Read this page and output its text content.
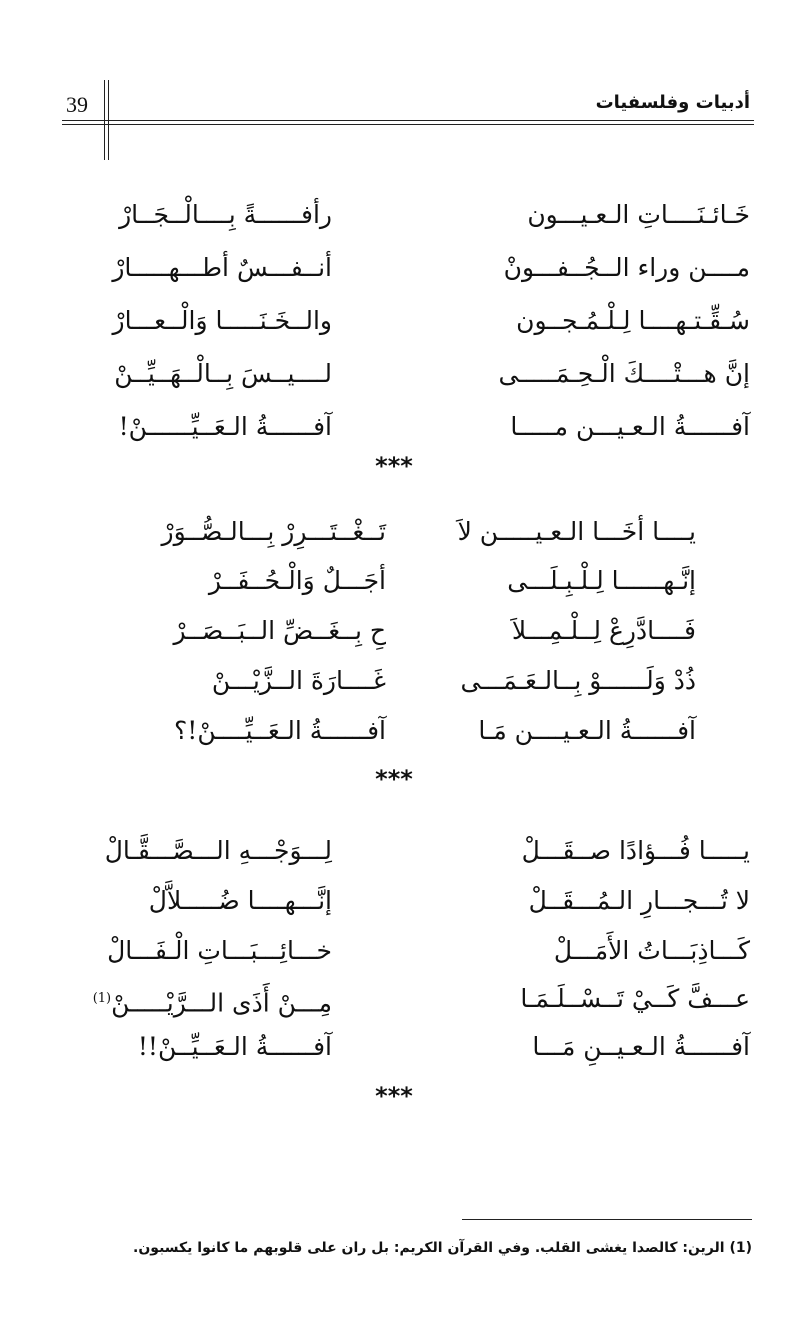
أدبيات وفلسفيات
39
خَـائـنَــــاتِ الـعـيـــون
رأفــــــةً بِــــالْــجَــارْ
مــــن وراء الــجُــفـــونْ
أنــفـــسٌ أطـــهـــــارْ
سُـقِّـتـهــــا لِـلْـمُـجــون
والــخَـنَـــــا وَالْــعـــارْ
إنَّ هـــتْــــكَ الْـحِـمَـــــى
لــــيــسَ بِــالْــهَــيِّــنْ
آفــــــةُ الـعـيـــن مـــــا
آفــــــةُ الـعَــيِّــــــنْ!
***
يــــا أخَـــا الـعـيـــــن لاَ
تَــغْــتَـــرِرْ بِـــالـصُّــوَرْ
إنَّـهــــــا لِـلْـبِـلَـــى
أجَـــلٌ وَالْـحُــفَــرْ
فَــــادَّرِعْ لِــلْـمِـــلاَ
حِ بِــغَــضِّ الــبَــصَــرْ
ذُدْ وَلَــــــوْ بِــالـعَـمَـــى
غَــــارَةَ الــزَّيْـــنْ
آفــــــةُ الـعـيــــن مَـا
آفــــــةُ الـعَــيِّــــنْ!؟
***
يـــــا فُـــؤادًا صــقَـــلْ
لِـــوَجْـــهِ الـــصَّـــقَّـالْ
لا تُـــجـــارِ الـمُـــقَــلْ
إنَّـــهــــا ضُـــــلاَّلْ
كَـــاذِبَـــاتُ الأَمَـــلْ
خـــائِـــبَـــاتِ الْـفَـــالْ
عـــفَّ كَــيْ تَــسْــلَـمَـا
مِـــنْ أَذَى الـــرَّيْـــــنْ$^{(1)}$
آفــــــةُ الـعـيــنِ مَـــا
آفــــــةُ الـعَــيِّــنْ!!
***
(1) الرين: كالصدا يغشى القلب. وفي القرآن الكريم: بل ران على قلوبهم ما كانوا يكسبون.
